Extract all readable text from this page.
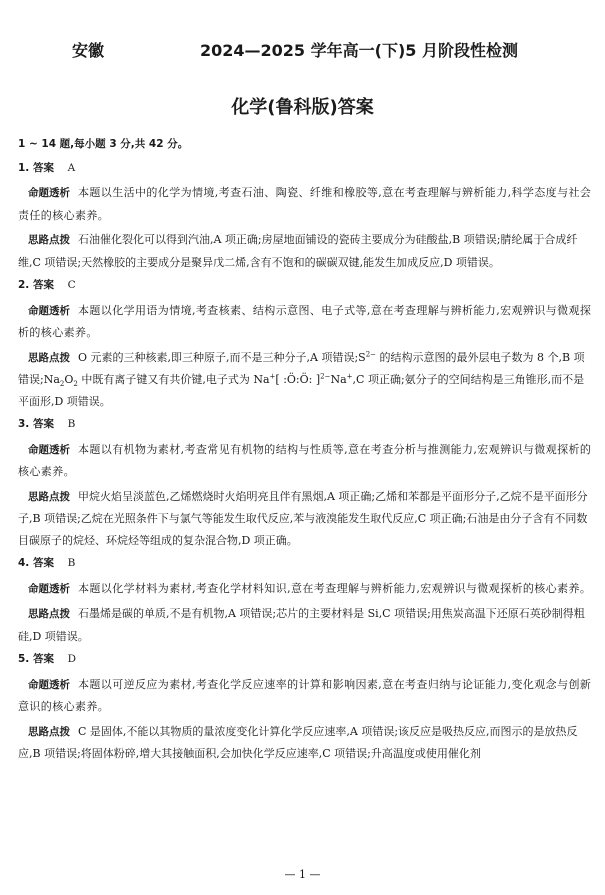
安徽	2024—2025 学年高一(下)5 月阶段性检测
化学(鲁科版)答案
1 ~ 14 题,每小题 3 分,共 42 分。
1. 答案 A
命题透析 本题以生活中的化学为情境,考查石油、陶瓷、纤维和橡胶等,意在考查理解与辨析能力,科学态度与社会责任的核心素养。
思路点拨 石油催化裂化可以得到汽油,A 项正确;房屋地面铺设的瓷砖主要成分为硅酸盐,B 项错误;腈纶属于合成纤维,C 项错误;天然橡胶的主要成分是聚异戊二烯,含有不饱和的碳碳双键,能发生加成反应,D 项错误。
2. 答案 C
命题透析 本题以化学用语为情境,考查核素、结构示意图、电子式等,意在考查理解与辨析能力,宏观辨识与微观探析的核心素养。
思路点拨 O 元素的三种核素,即三种原子,而不是三种分子,A 项错误$;S^{2-}$ 的结构示意图的最外层电子数为 8 个,B 项错误$;Na_2O_2$ 中既有离子键又有共价键,电子式为 Na+[ :Ö:Ö: ]$^{2-}$Na+,C 项正确;氨分子的空间结构是三角锥形,而不是平面形,D 项错误。
3. 答案 B
命题透析 本题以有机物为素材,考查常见有机物的结构与性质等,意在考查分析与推测能力,宏观辨识与微观探析的核心素养。
思路点拨 甲烷火焰呈淡蓝色,乙烯燃烧时火焰明亮且伴有黑烟,A 项正确;乙烯和苯都是平面形分子,乙烷不是平面形分子,B 项错误;乙烷在光照条件下与氯气等能发生取代反应,苯与液溴能发生取代反应,C 项正确;石油是由分子含有不同数目碳原子的烷烃、环烷烃等组成的复杂混合物,D 项正确。
4. 答案 B
命题透析 本题以化学材料为素材,考查化学材料知识,意在考查理解与辨析能力,宏观辨识与微观探析的核心素养。
思路点拨 石墨烯是碳的单质,不是有机物,A 项错误;芯片的主要材料是 Si,C 项错误;用焦炭高温下还原石英砂制得粗硅,D 项错误。
5. 答案 D
命题透析 本题以可逆反应为素材,考查化学反应速率的计算和影响因素,意在考查归纳与论证能力,变化观念与创新意识的核心素养。
思路点拨 C 是固体,不能以其物质的量浓度变化计算化学反应速率,A 项错误;该反应是吸热反应,而图示的是放热反应,B 项错误;将固体粉碎,增大其接触面积,会加快化学反应速率,C 项错误;升高温度或使用催化剂
— 1 —
